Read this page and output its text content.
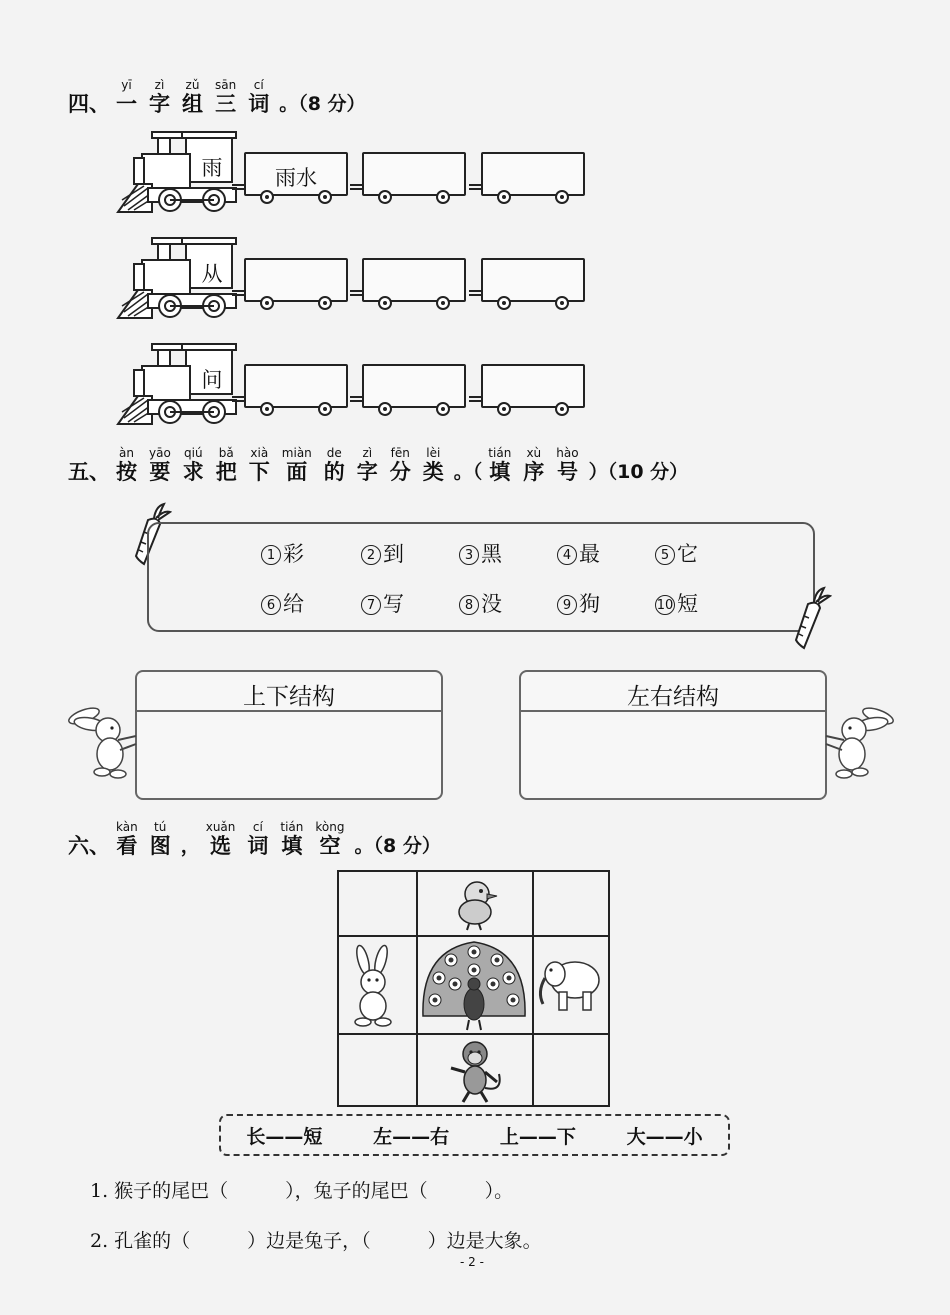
四、
yī
一
zì
字
zǔ
组
sān
三
cí
词 。（8 分）
雨	雨水
从
问
五、
àn
按
yāo
要
qiú
求
bǎ
把
xià
下
miàn
面
de
的
zì
字
fēn
分
lèi
类 。（
tián
填
xù
序
hào
号 ）（10 分）
1 彩	2 到	3 黑	4 最	5 它
6 给	7 写	8 没	9 狗	10 短
上下结构	左右结构
六、
kàn
看
tú
图 ，
xuǎn
选
cí
词
tián
填
kòng
空 。（8 分）
长——短	左——右	上——下	大——小
1. 猴子的尾巴（　　　），兔子的尾巴（　　　）。
2. 孔雀的（　　　）边是兔子，（　　　）边是大象。
- 2 -
